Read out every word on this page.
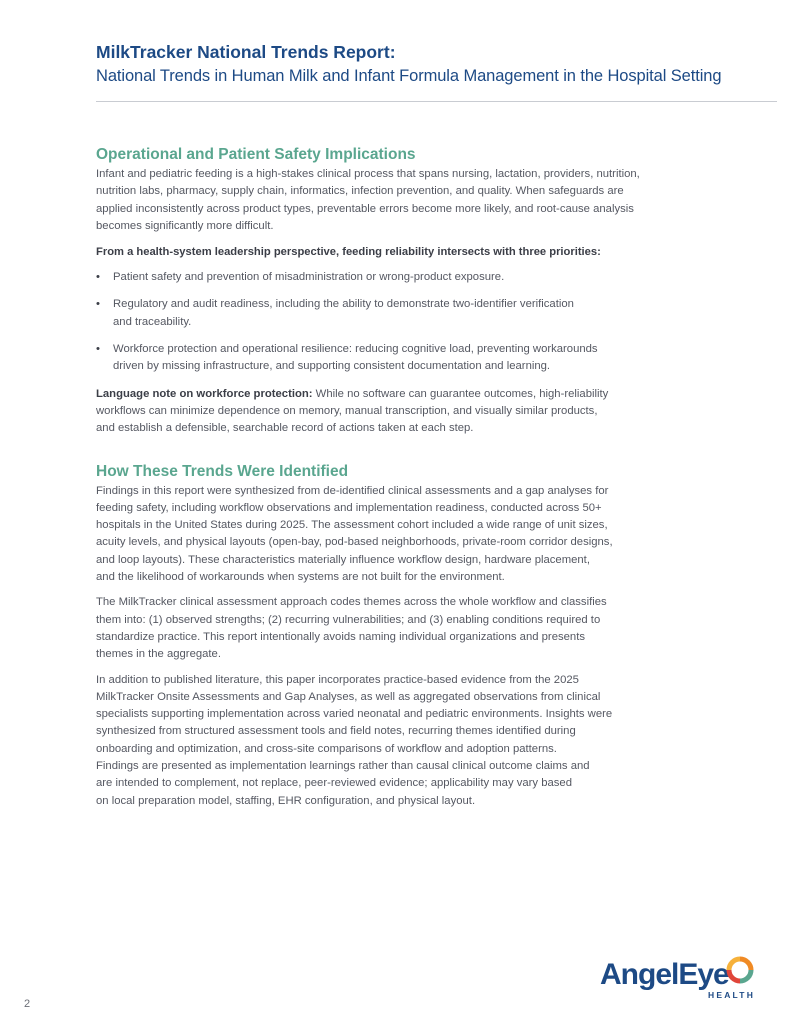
MilkTracker National Trends Report:
National Trends in Human Milk and Infant Formula Management in the Hospital Setting
Operational and Patient Safety Implications

Infant and pediatric feeding is a high-stakes clinical process that spans nursing, lactation, providers, nutrition,
nutrition labs, pharmacy, supply chain, informatics, infection prevention, and quality. When safeguards are
applied inconsistently across product types, preventable errors become more likely, and root-cause analysis
becomes significantly more difficult.

From a health-system leadership perspective, feeding reliability intersects with three priorities:

• Patient safety and prevention of misadministration or wrong-product exposure.
• Regulatory and audit readiness, including the ability to demonstrate two-identifier verification
and traceability.
• Workforce protection and operational resilience: reducing cognitive load, preventing workarounds
driven by missing infrastructure, and supporting consistent documentation and learning.

Language note on workforce protection: While no software can guarantee outcomes, high-reliability
workflows can minimize dependence on memory, manual transcription, and visually similar products,
and establish a defensible, searchable record of actions taken at each step.

How These Trends Were Identified

Findings in this report were synthesized from de-identified clinical assessments and a gap analyses for
feeding safety, including workflow observations and implementation readiness, conducted across 50+
hospitals in the United States during 2025. The assessment cohort included a wide range of unit sizes,
acuity levels, and physical layouts (open-bay, pod-based neighborhoods, private-room corridor designs,
and loop layouts). These characteristics materially influence workflow design, hardware placement,
and the likelihood of workarounds when systems are not built for the environment.

The MilkTracker clinical assessment approach codes themes across the whole workflow and classifies
them into: (1) observed strengths; (2) recurring vulnerabilities; and (3) enabling conditions required to
standardize practice. This report intentionally avoids naming individual organizations and presents
themes in the aggregate.

In addition to published literature, this paper incorporates practice-based evidence from the 2025
MilkTracker Onsite Assessments and Gap Analyses, as well as aggregated observations from clinical
specialists supporting implementation across varied neonatal and pediatric environments. Insights were
synthesized from structured assessment tools and field notes, recurring themes identified during
onboarding and optimization, and cross-site comparisons of workflow and adoption patterns.
Findings are presented as implementation learnings rather than causal clinical outcome claims and
are intended to complement, not replace, peer-reviewed evidence; applicability may vary based
on local preparation model, staffing, EHR configuration, and physical layout.

2
AngelEye
HEALTH
